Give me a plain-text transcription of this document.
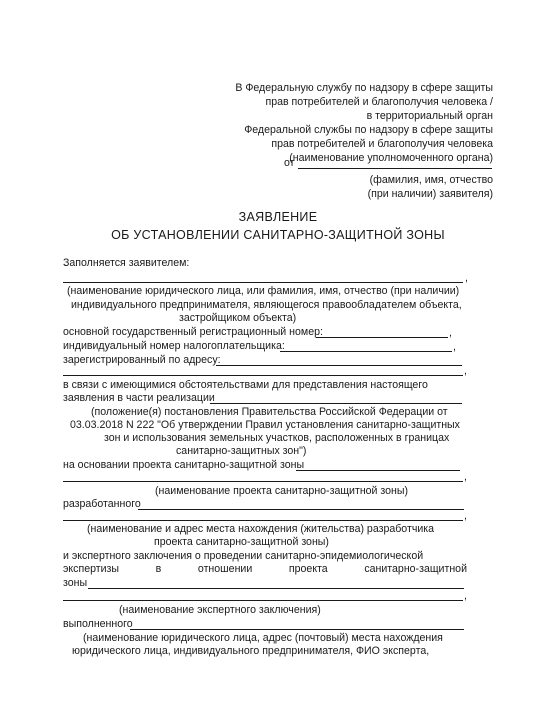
В Федеральную службу по надзору в сфере защиты
прав потребителей и благополучия человека /
в территориальный орган
Федеральной службы по надзору в сфере защиты
прав потребителей и благополучия человека
(наименование уполномоченного органа)
от
(фамилия, имя, отчество
(при наличии) заявителя)
ЗАЯВЛЕНИЕ
ОБ УСТАНОВЛЕНИИ САНИТАРНО-ЗАЩИТНОЙ ЗОНЫ
Заполняется заявителем:
,
(наименование юридического лица, или фамилия, имя, отчество (при наличии)
индивидуального предпринимателя, являющегося правообладателем объекта,
застройщиком объекта)
основной государственный регистрационный номер:	,
индивидуальный номер налогоплательщика:	,
зарегистрированный по адресу:
,
в связи с имеющимися обстоятельствами для представления настоящего
заявления в части реализации
(положение(я) постановления Правительства Российской Федерации от
03.03.2018 N 222 "Об утверждении Правил установления санитарно-защитных
зон и использования земельных участков, расположенных в границах
санитарно-защитных зон")
на основании проекта санитарно-защитной зоны
,
(наименование проекта санитарно-защитной зоны)
разработанного
,
(наименование и адрес места нахождения (жительства) разработчика
проекта санитарно-защитной зоны)
и экспертного заключения о проведении санитарно-эпидемиологической
экспертизы	в	отношении	проекта	санитарно-защитной
зоны
,
(наименование экспертного заключения)
выполненного
(наименование юридического лица, адрес (почтовый) места нахождения
юридического лица, индивидуального предпринимателя, ФИО эксперта,
